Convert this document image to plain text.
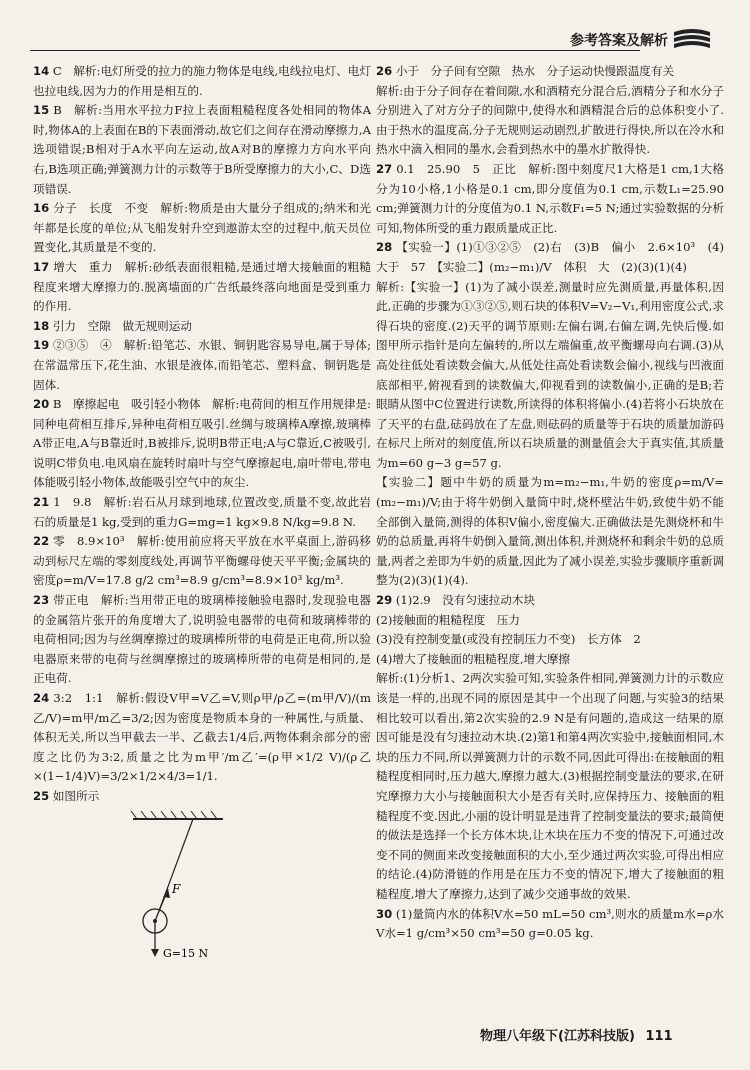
参考答案及解析

14 C　解析:电灯所受的拉力的施力物体是电线,电线拉电灯、电灯也拉电线,因为力的作用是相互的.

15 B　解析:当用水平拉力F拉上表面粗糙程度各处相同的物体A时,物体A的上表面在B的下表面滑动,故它们之间存在滑动摩擦力,A选项错误;B相对于A水平向左运动,故A对B的摩擦力方向水平向右,B选项正确;弹簧测力计的示数等于B所受摩擦力的大小,C、D选项错误.

16 分子　长度　不变　解析:物质是由大量分子组成的;纳米和光年都是长度的单位;从飞船发射升空到遨游太空的过程中,航天员位置变化,其质量是不变的.

17 增大　重力　解析:砂纸表面很粗糙,是通过增大接触面的粗糙程度来增大摩擦力的.脱离墙面的广告纸最终落向地面是受到重力的作用.

18 引力　空隙　做无规则运动

19 ②③⑤　④　解析:铅笔芯、水银、铜钥匙容易导电,属于导体;在常温常压下,花生油、水银是液体,而铅笔芯、塑料盒、铜钥匙是固体.

20 B　摩擦起电　吸引轻小物体　解析:电荷间的相互作用规律是:同种电荷相互排斥,异种电荷相互吸引.丝绸与玻璃棒A摩擦,玻璃棒A带正电,A与B靠近时,B被排斥,说明B带正电;A与C靠近,C被吸引,说明C带负电.电风扇在旋转时扇叶与空气摩擦起电,扇叶带电,带电体能吸引轻小物体,故能吸引空气中的灰尘.

21 1　9.8　解析:岩石从月球到地球,位置改变,质量不变,故此岩石的质量是1 kg,受到的重力G=mg=1 kg×9.8 N/kg=9.8 N.

22 零　8.9×10³　解析:使用前应将天平放在水平桌面上,游码移动到标尺左端的零刻度线处,再调节平衡螺母使天平平衡;金属块的密度ρ=m/V=17.8 g/2 cm³=8.9 g/cm³=8.9×10³ kg/m³.

23 带正电　解析:当用带正电的玻璃棒接触验电器时,发现验电器的金属箔片张开的角度增大了,说明验电器带的电荷和玻璃棒带的电荷相同;因为与丝绸摩擦过的玻璃棒所带的电荷是正电荷,所以验电器原来带的电荷与丝绸摩擦过的玻璃棒所带的电荷是相同的,是正电荷.

24 3:2　1:1　解析:假设V甲=V乙=V,则ρ甲/ρ乙=(m甲/V)/(m乙/V)=m甲/m乙=3/2;因为密度是物质本身的一种属性,与质量、体积无关,所以当甲截去一半、乙截去1/4后,两物体剩余部分的密度之比仍为3:2,质量之比为m甲′/m乙′=(ρ甲×1/2 V)/(ρ乙×(1−1/4)V)=3/2×1/2×4/3=1/1.

25 如图所示

F
G=15 N

26 小于　分子间有空隙　热水　分子运动快慢跟温度有关

解析:由于分子间存在着间隙,水和酒精充分混合后,酒精分子和水分子分别进入了对方分子的间隙中,使得水和酒精混合后的总体积变小了.由于热水的温度高,分子无规则运动剧烈,扩散进行得快,所以在冷水和热水中滴入相同的墨水,会看到热水中的墨水扩散得快.

27 0.1　25.90　5　正比　解析:图中刻度尺1大格是1 cm,1大格分为10小格,1小格是0.1 cm,即分度值为0.1 cm,示数L₁=25.90 cm;弹簧测力计的分度值为0.1 N,示数F₁=5 N;通过实验数据的分析可知,物体所受的重力跟质量成正比.

28 【实验一】(1)①③②⑤　(2)右　(3)B　偏小　2.6×10³　(4)大于　57　【实验二】(m₂−m₁)/V　体积　大　(2)(3)(1)(4)

解析:【实验一】(1)为了减小误差,测量时应先测质量,再量体积,因此,正确的步骤为①③②⑤,则石块的体积V=V₂−V₁,利用密度公式,求得石块的密度.(2)天平的调节原则:左偏右调,右偏左调,先快后慢.如图甲所示指针是向左偏转的,所以左端偏重,故平衡螺母向右调.(3)从高处往低处看读数会偏大,从低处往高处看读数会偏小,视线与凹液面底部相平,俯视看到的读数偏大,仰视看到的读数偏小,正确的是B;若眼睛从图中C位置进行读数,所读得的体积将偏小.(4)若将小石块放在了天平的右盘,砝码放在了左盘,则砝码的质量等于石块的质量加游码在标尺上所对的刻度值,所以石块质量的测量值会大于真实值,其质量为m=60 g−3 g=57 g.

【实验二】题中牛奶的质量为m=m₂−m₁,牛奶的密度ρ=m/V=(m₂−m₁)/V;由于将牛奶倒入量筒中时,烧杯壁沾牛奶,致使牛奶不能全部倒入量筒,测得的体积V偏小,密度偏大.正确做法是先测烧杯和牛奶的总质量,再将牛奶倒入量筒,测出体积,并测烧杯和剩余牛奶的总质量,两者之差即为牛奶的质量,因此为了减小误差,实验步骤顺序重新调整为(2)(3)(1)(4).

29 (1)2.9　没有匀速拉动木块

(2)接触面的粗糙程度　压力

(3)没有控制变量(或没有控制压力不变)　长方体　2

(4)增大了接触面的粗糙程度,增大摩擦

解析:(1)分析1、2两次实验可知,实验条件相同,弹簧测力计的示数应该是一样的,出现不同的原因是其中一个出现了问题,与实验3的结果相比较可以看出,第2次实验的2.9 N是有问题的,造成这一结果的原因可能是没有匀速拉动木块.(2)第1和第4两次实验中,接触面相同,木块的压力不同,所以弹簧测力计的示数不同,因此可得出:在接触面的粗糙程度相同时,压力越大,摩擦力越大.(3)根据控制变量法的要求,在研究摩擦力大小与接触面积大小是否有关时,应保持压力、接触面的粗糙程度不变.因此,小丽的设计明显是违背了控制变量法的要求;最简便的做法是选择一个长方体木块,让木块在压力不变的情况下,可通过改变不同的侧面来改变接触面积的大小,至少通过两次实验,可得出相应的结论.(4)防滑链的作用是在压力不变的情况下,增大了接触面的粗糙程度,增大了摩擦力,达到了减少交通事故的效果.

30 (1)量筒内水的体积V水=50 mL=50 cm³,则水的质量m水=ρ水V水=1 g/cm³×50 cm³=50 g=0.05 kg.

物理八年级下(江苏科技版) 111
